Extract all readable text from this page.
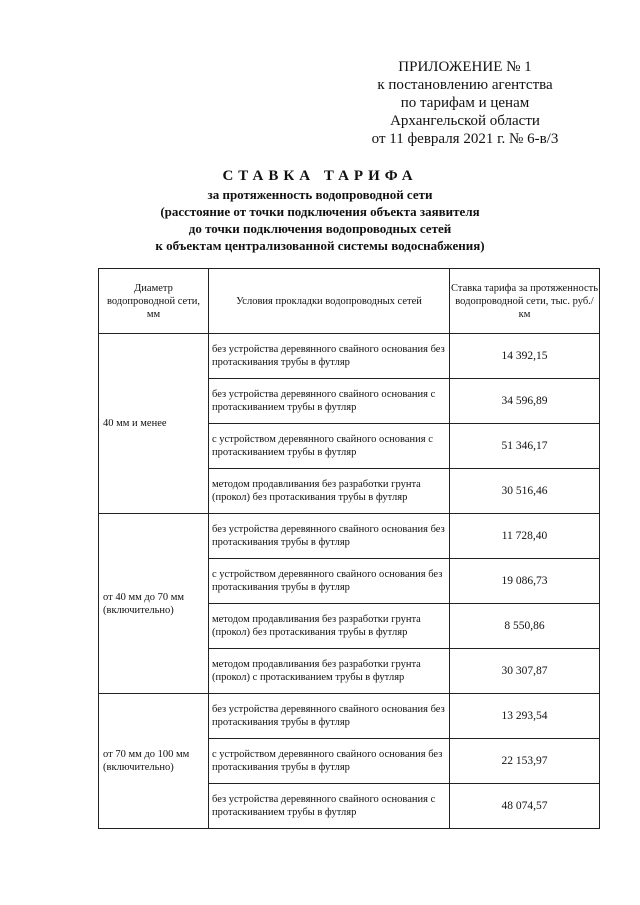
ПРИЛОЖЕНИЕ № 1
к постановлению агентства
по тарифам и ценам
Архангельской области
от 11 февраля 2021 г. № 6-в/3
СТАВКА ТАРИФА
за протяженность водопроводной сети
(расстояние от точки подключения объекта заявителя
до точки подключения водопроводных сетей
к объектам централизованной системы водоснабжения)
Диаметр водопроводной сети, мм	Условия прокладки водопроводных сетей	Ставка тарифа за протяженность водопроводной сети, тыс. руб./км
40 мм и менее	без устройства деревянного свайного основания без протаскивания трубы в футляр	14 392,15
	без устройства деревянного свайного основания с протаскиванием трубы в футляр	34 596,89
	с устройством деревянного свайного основания с протаскиванием трубы в футляр	51 346,17
	методом продавливания без разработки грунта (прокол) без протаскивания трубы в футляр	30 516,46
от 40 мм до 70 мм (включительно)	без устройства деревянного свайного основания без протаскивания трубы в футляр	11 728,40
	с устройством деревянного свайного основания без протаскивания трубы в футляр	19 086,73
	методом продавливания без разработки грунта (прокол) без протаскивания трубы в футляр	8 550,86
	методом продавливания без разработки грунта (прокол) с протаскиванием трубы в футляр	30 307,87
от 70 мм до 100 мм (включительно)	без устройства деревянного свайного основания без протаскивания трубы в футляр	13 293,54
	с устройством деревянного свайного основания без протаскивания трубы в футляр	22 153,97
	без устройства деревянного свайного основания с протаскиванием трубы в футляр	48 074,57
